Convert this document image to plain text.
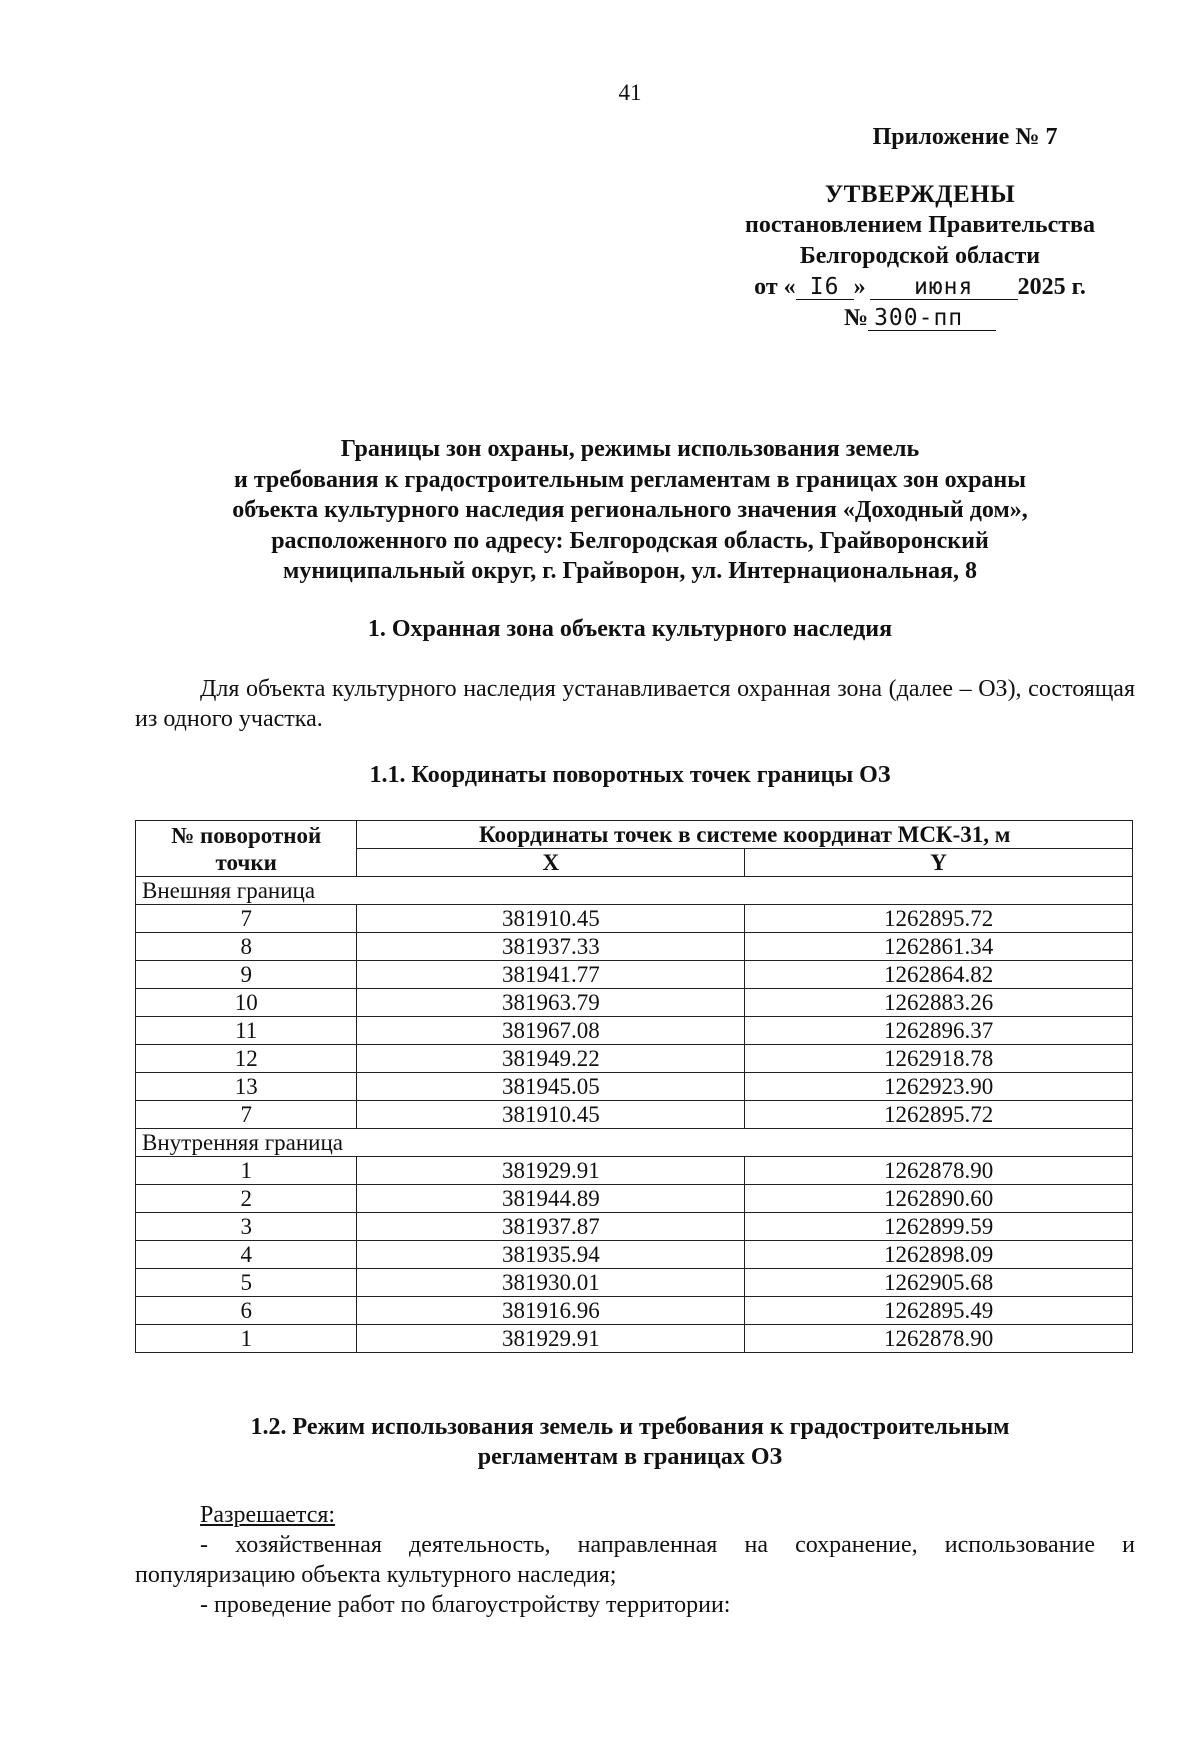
41
Приложение № 7
УТВЕРЖДЕНЫ
постановлением Правительства
Белгородской области
от « I6 » июня 2025 г.
№ 300-пп
Границы зон охраны, режимы использования земель
и требования к градостроительным регламентам в границах зон охраны
объекта культурного наследия регионального значения «Доходный дом»,
расположенного по адресу: Белгородская область, Грайворонский
муниципальный округ, г. Грайворон, ул. Интернациональная, 8
1. Охранная зона объекта культурного наследия
Для объекта культурного наследия устанавливается охранная зона (далее – ОЗ), состоящая из одного участка.
1.1. Координаты поворотных точек границы ОЗ
№ поворотной точки	Координаты точек в системе координат МСК-31, м	
	X	Y
Внешняя граница		
7	381910.45	1262895.72
8	381937.33	1262861.34
9	381941.77	1262864.82
10	381963.79	1262883.26
11	381967.08	1262896.37
12	381949.22	1262918.78
13	381945.05	1262923.90
7	381910.45	1262895.72
Внутренняя граница		
1	381929.91	1262878.90
2	381944.89	1262890.60
3	381937.87	1262899.59
4	381935.94	1262898.09
5	381930.01	1262905.68
6	381916.96	1262895.49
1	381929.91	1262878.90
1.2. Режим использования земель и требования к градостроительным
регламентам в границах ОЗ
Разрешается:
- хозяйственная деятельность, направленная на сохранение, использование и популяризацию объекта культурного наследия;
- проведение работ по благоустройству территории:
